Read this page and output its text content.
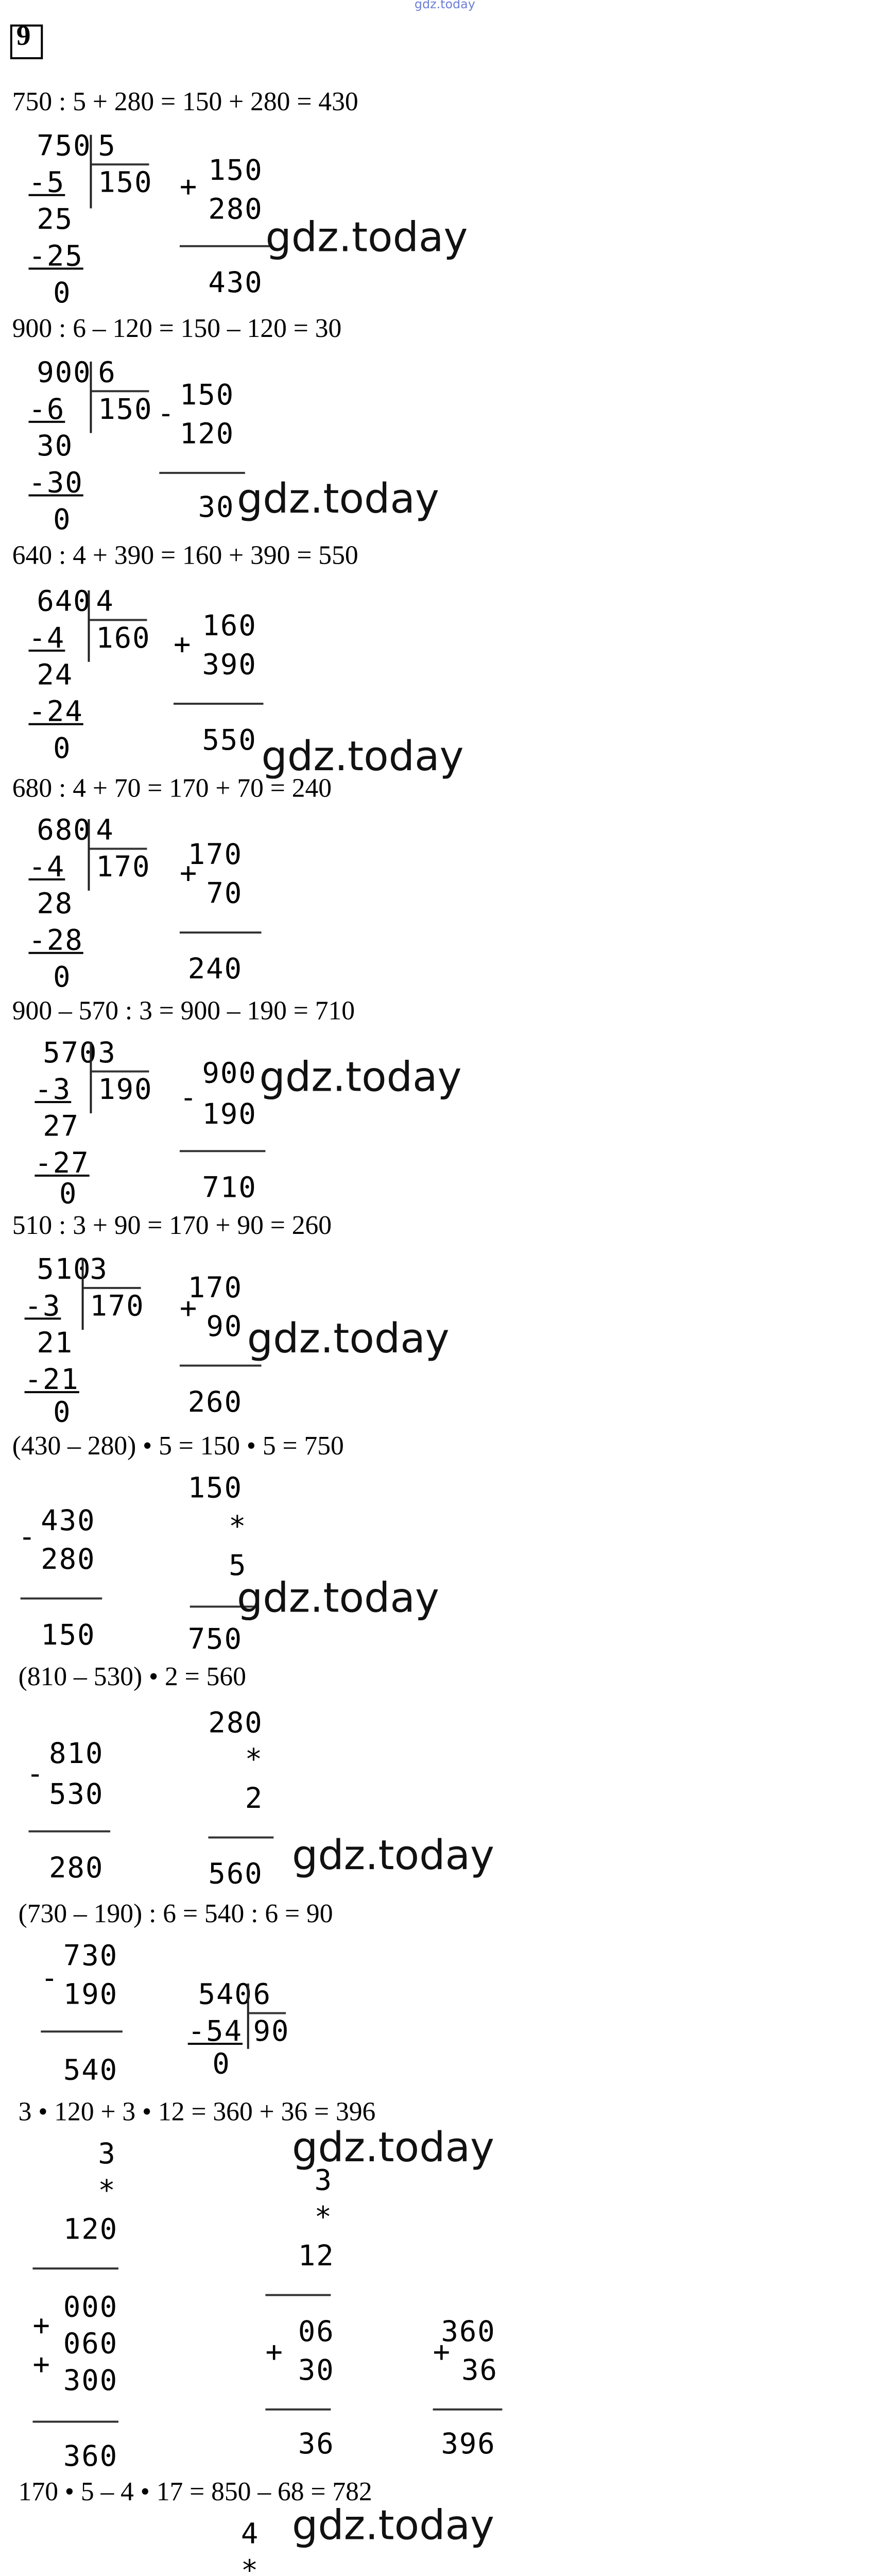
gdz.today
9
750 : 5 + 280 = 150 + 280 = 430
750 5
150
-5
25
-25
0
+ 150
280
430
gdz.today
900 : 6 – 120 = 150 – 120 = 30
900 6
150
-6
30
-30
0
-
150
120
30 gdz.today
640 : 4 + 390 = 160 + 390 = 550
640 4
160
-4
24
-24
0
+
160
390
550 gdz.today
680 : 4 + 70 = 170 + 70 = 240
680 4
170
-4
28
-28
0
+
170
70
240
900 – 570 : 3 = 900 – 190 = 710
570 3
190
-3
27
-27
0
-
900
190
710
gdz.today
510 : 3 + 90 = 170 + 90 = 260
510
3
170
-3
21
-21
0
+
170
90
260
gdz.today
(430 – 280) • 5 = 150 • 5 = 750
- 430
280
150
150
*
5
750
gdz.today
(810 – 530) • 2 = 560
-
810
530
280
280
*
2
560	gdz.today
(730 – 190) : 6 = 540 : 6 = 90
-
730
190
540
540 6
90
-54
0
3 • 120 + 3 • 12 = 360 + 36 = 396
gdz.today
3
*
120
+
+
000
060
300
360
3
*
12
+
06
30
36
+
360
36
396
170 • 5 – 4 • 17 = 850 – 68 = 782
gdz.today
4
*
